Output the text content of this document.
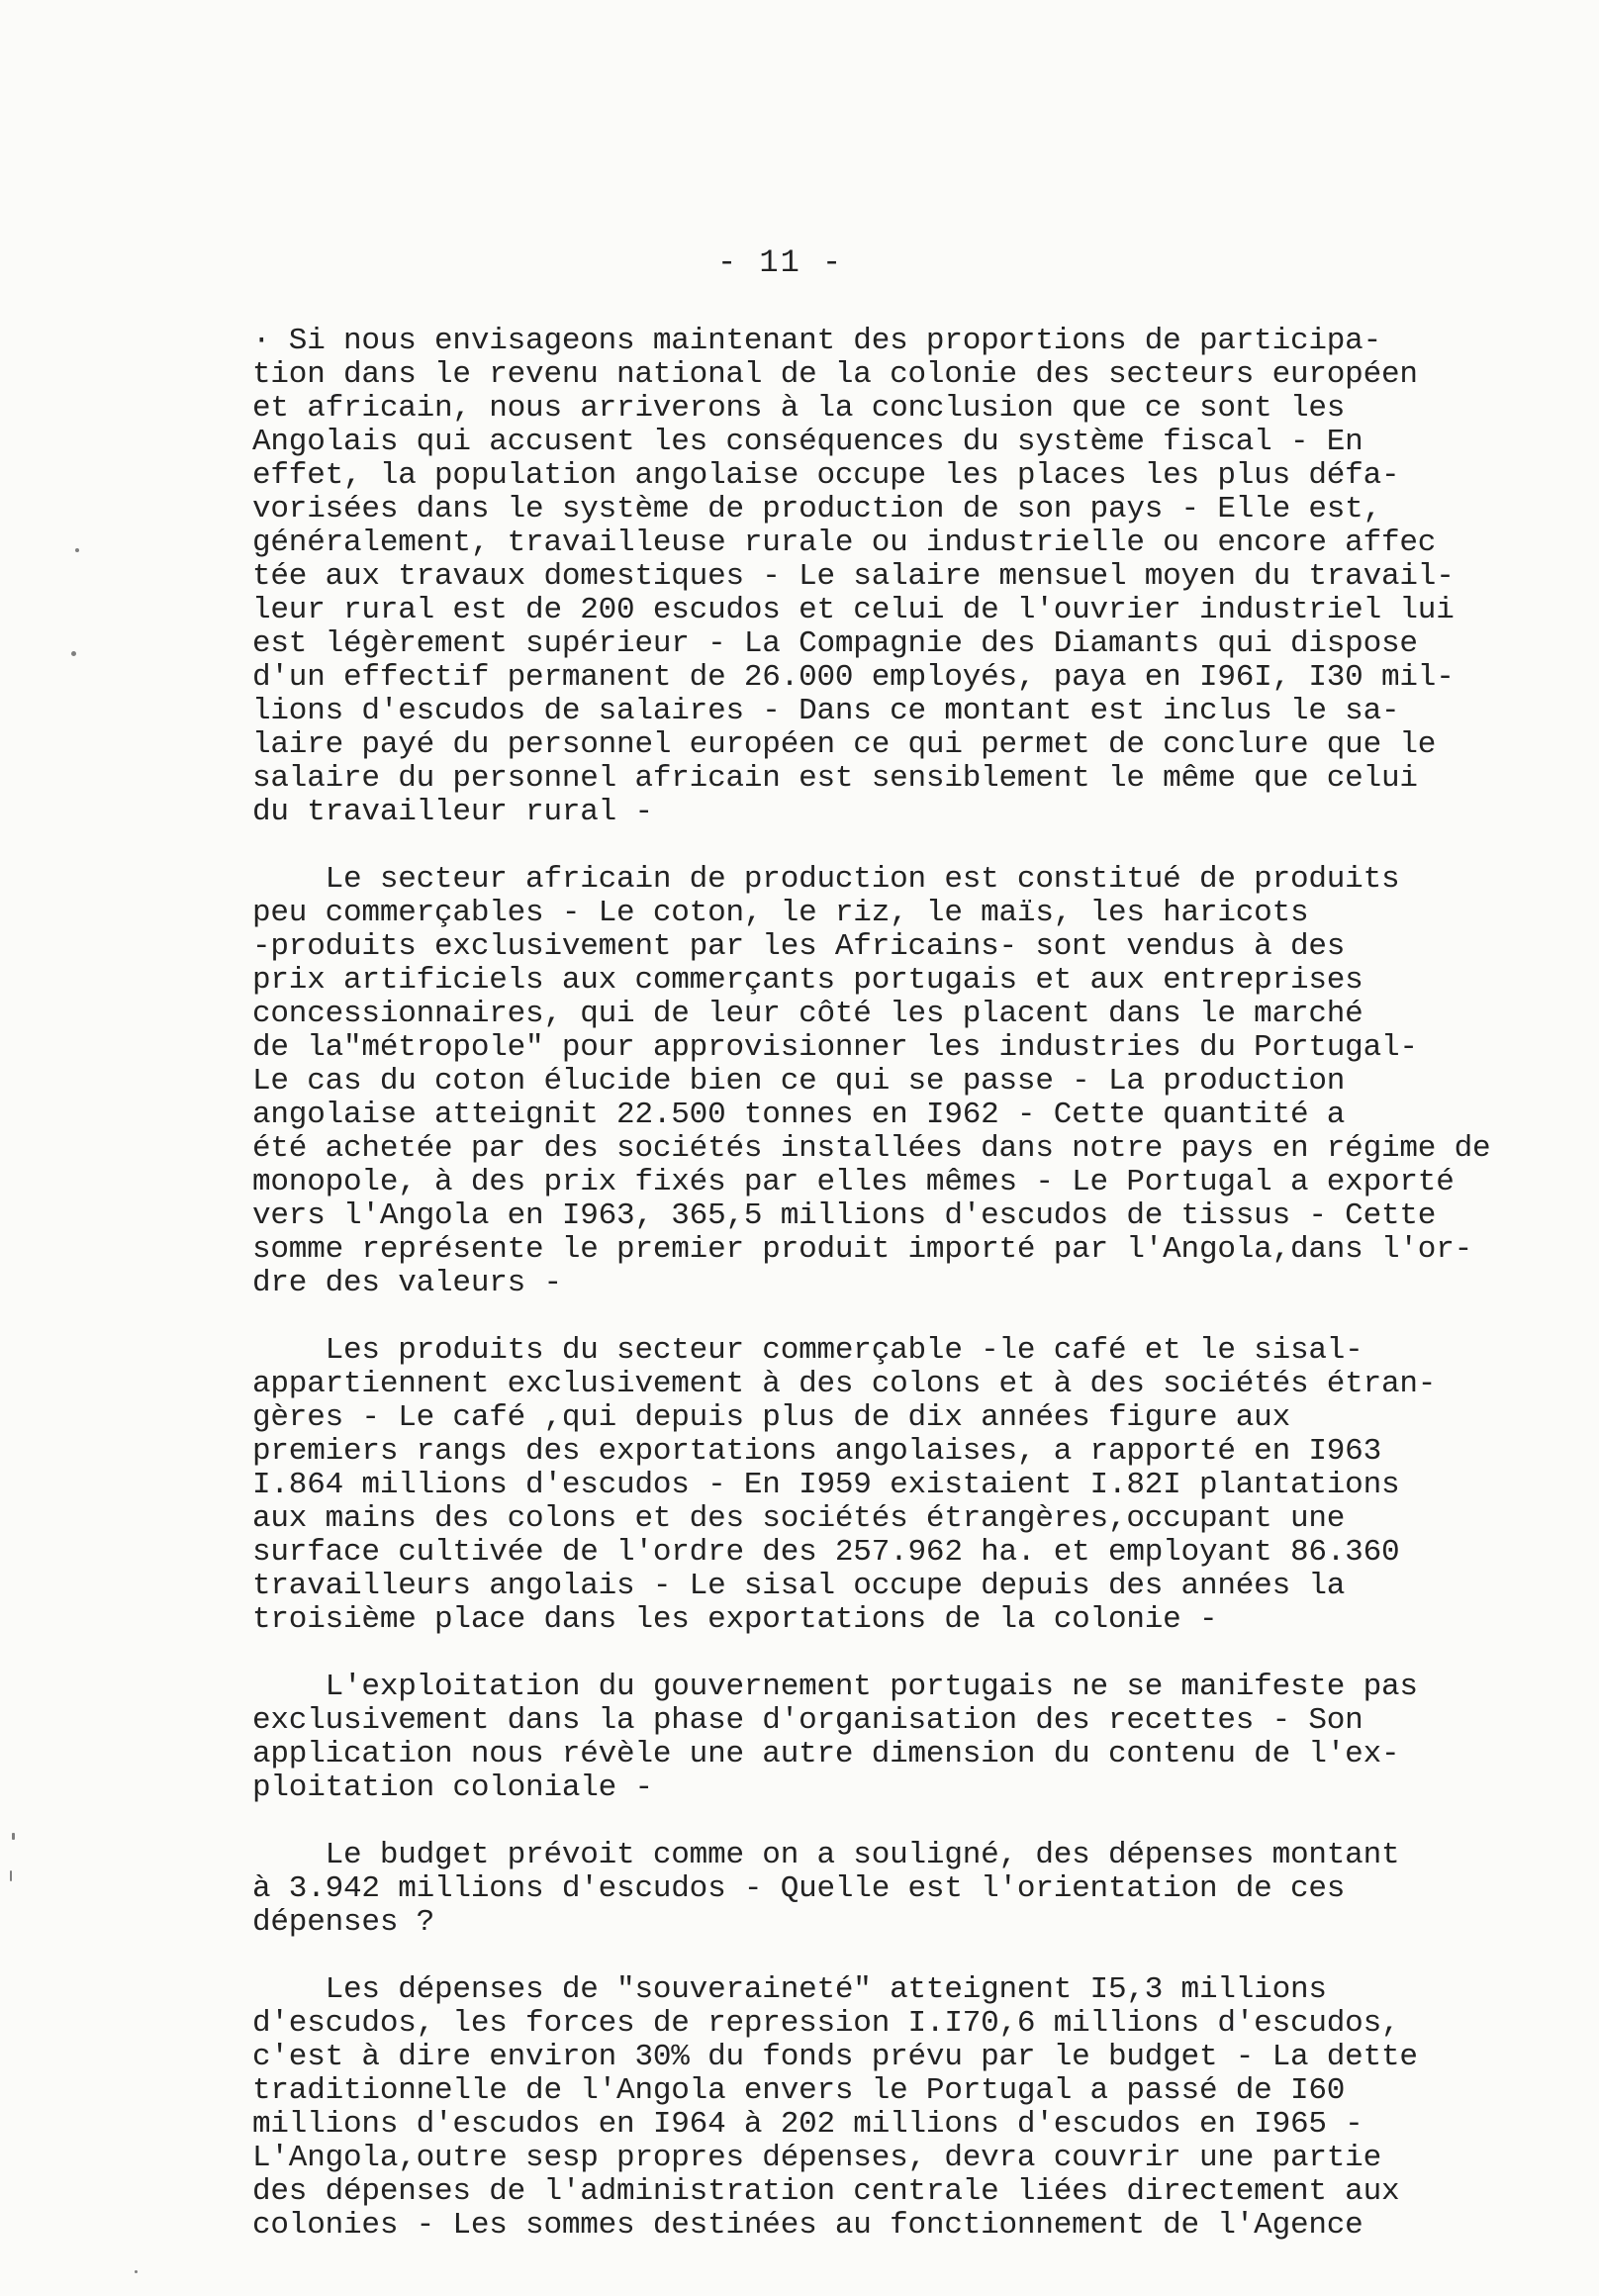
- 11 -
· Si nous envisageons maintenant des proportions de participa-
tion dans le revenu national de la colonie des secteurs européen
et africain, nous arriverons à la conclusion que ce sont les
Angolais qui accusent les conséquences du système fiscal - En
effet, la population angolaise occupe les places les plus défa-
vorisées dans le système de production de son pays - Elle est,
généralement, travailleuse rurale ou industrielle ou encore affec
tée aux travaux domestiques - Le salaire mensuel moyen du travail-
leur rural est de 200 escudos et celui de l'ouvrier industriel lui
est légèrement supérieur - La Compagnie des Diamants qui dispose
d'un effectif permanent de 26.000 employés, paya en I96I, I30 mil-
lions d'escudos de salaires - Dans ce montant est inclus le sa-
laire payé du personnel européen ce qui permet de conclure que le
salaire du personnel africain est sensiblement le même que celui
du travailleur rural -
Le secteur africain de production est constitué de produits
peu commerçables - Le coton, le riz, le maïs, les haricots
-produits exclusivement par les Africains- sont vendus à des
prix artificiels aux commerçants portugais et aux entreprises
concessionnaires, qui de leur côté les placent dans le marché
de la"métropole" pour approvisionner les industries du Portugal-
Le cas du coton élucide bien ce qui se passe - La production
angolaise atteignit 22.500 tonnes en I962 - Cette quantité a
été achetée par des sociétés installées dans notre pays en régime de
monopole, à des prix fixés par elles mêmes - Le Portugal a exporté
vers l'Angola en I963, 365,5 millions d'escudos de tissus - Cette
somme représente le premier produit importé par l'Angola,dans l'or-
dre des valeurs -
Les produits du secteur commerçable -le café et le sisal-
appartiennent exclusivement à des colons et à des sociétés étran-
gères - Le café ,qui depuis plus de dix années figure aux
premiers rangs des exportations angolaises, a rapporté en I963
I.864 millions d'escudos - En I959 existaient I.82I plantations
aux mains des colons et des sociétés étrangères,occupant une
surface cultivée de l'ordre des 257.962 ha. et employant 86.360
travailleurs angolais - Le sisal occupe depuis des années la
troisième place dans les exportations de la colonie -
L'exploitation du gouvernement portugais ne se manifeste pas
exclusivement dans la phase d'organisation des recettes - Son
application nous révèle une autre dimension du contenu de l'ex-
ploitation coloniale -
Le budget prévoit comme on a souligné, des dépenses montant
à 3.942 millions d'escudos - Quelle est l'orientation de ces
dépenses ?
Les dépenses de "souveraineté" atteignent I5,3 millions
d'escudos, les forces de repression I.I70,6 millions d'escudos,
c'est à dire environ 30% du fonds prévu par le budget - La dette
traditionnelle de l'Angola envers le Portugal a passé de I60
millions d'escudos en I964 à 202 millions d'escudos en I965 -
L'Angola,outre sesp propres dépenses, devra couvrir une partie
des dépenses de l'administration centrale liées directement aux
colonies - Les sommes destinées au fonctionnement de l'Agence
